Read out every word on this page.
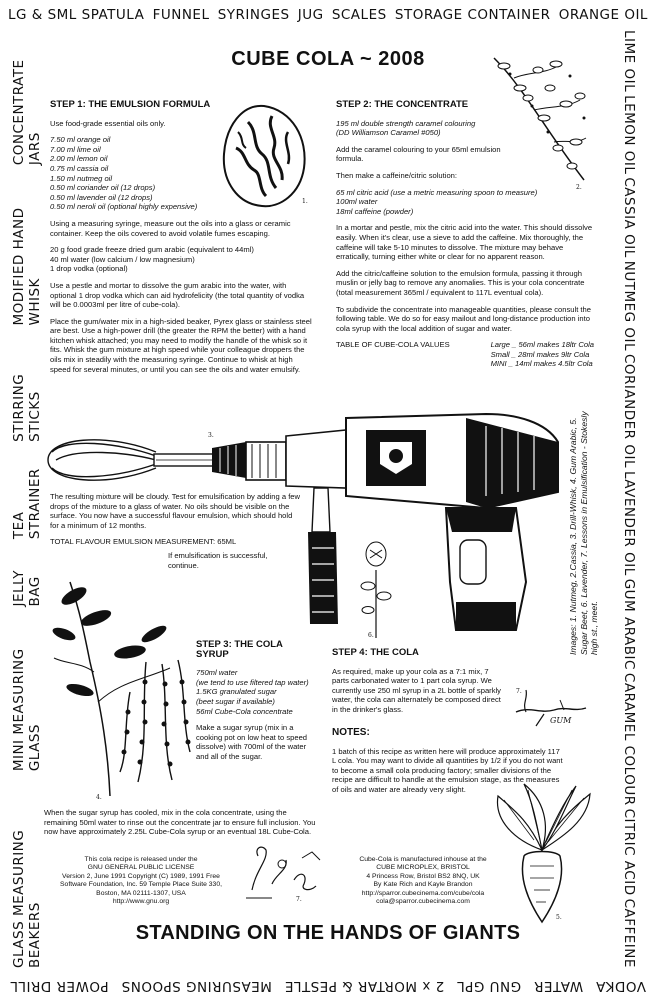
LG & SML SPATULA FUNNEL SYRINGES JUG SCALES STORAGE CONTAINER ORANGE OIL
LIME OIL
LEMON OIL
CASSIA OIL
NUTMEG OIL
CORIANDER OIL
LAVENDER OIL
GUM ARABIC
CARAMEL COLOUR
CITRIC ACID
CAFFEINE
VODKA
WATER
GNU GPL
2 x MORTAR & PESTLE
MEASURING SPOONS
POWER DRILL
GLASS MEASURING BEAKERS
MINI MEASURING GLASS
JELLY BAG
TEA STRAINER
STIRRING STICKS
MODIFIED HAND WHISK
CONCENTRATE JARS
CUBE COLA ~ 2008
STEP 1: THE EMULSION FORMULA

Use food-grade essential oils only.

7.50 ml orange oil
7.00 ml lime oil
2.00 ml lemon oil
0.75 ml cassia oil
1.50 ml nutmeg oil
0.50 ml coriander oil (12 drops)
0.50 ml lavender oil (12 drops)
0.50 ml neroli oil (optional highly expensive)

Using a measuring syringe, measure out the oils into a glass or ceramic container. Keep the oils covered to avoid volatile fumes escaping.

20 g food grade freeze dried gum arabic (equivalent to 44ml)
40 ml water (low calcium / low magnesium)
1 drop vodka (optional)

Use a pestle and mortar to dissolve the gum arabic into the water, with optional 1 drop vodka which can aid hydrofelicity (the total quantity of vodka will be 0.0003ml per litre of cube-cola).

Place the gum/water mix in a high-sided beaker, Pyrex glass or stainless steel are best. Use a high-power drill (the greater the RPM the better) with a hand kitchen whisk attached; you may need to modify the handle of the whisk so it fits. Whisk the gum mixture at high speed while your colleague droppers the oils mix in steadily with the measuring syringe. Continue to whisk at high speed for several minutes, or until you can see the oils and water emulsify.

1.
STEP 2: THE CONCENTRATE
195 ml double strength caramel colouring
(DD Williamson Caramel #050)

Add the caramel colouring to your 65ml emulsion formula.

Then make a caffeine/citric solution:

65 ml citric acid (use a metric measuring spoon to measure)
100ml water
18ml caffeine (powder)

In a mortar and pestle, mix the citric acid into the water. This should dissolve easily. When it's clear, use a sieve to add the caffeine. Mix thoroughly, the caffeine will take 5-10 minutes to dissolve. The mixture may behave erratically, turning either white or clear for no apparent reason.

Add the citric/caffeine solution to the emulsion formula, passing it through muslin or jelly bag to remove any anomalies. This is your cola concentrate (total measurement 365ml / equivalent to 117L eventual cola).

To subdivide the concentrate into manageable quantities, please consult the following table. We do so for easy mailout and long-distance production into cola syrup with the local addition of sugar and water.

TABLE OF CUBE-COLA VALUES	Large _ 56ml makes 18ltr Cola
Small _ 28ml makes 9ltr Cola
MINI _ 14ml makes 4.5ltr Cola
2.
3.	Images: 1. Nutmeg, 2.Cassia, 3. Drill-Whisk, 4. Gum Arabic, 5. Sugar Beet, 6. Lavender, 7. Lessons in Emulsification - Stokesly high st., meet.

The resulting mixture will be cloudy. Test for emulsification by adding a few drops of the mixture to a glass of water. No oils should be visible on the surface. You now have a successful flavour emulsion, which should hold for a minimum of 12 months.

TOTAL FLAVOUR EMULSION MEASUREMENT: 65ML

If emulsification is successful, continue.

6.
4.
STEP 3: THE COLA SYRUP
750ml water
(we tend to use filtered tap water)
1.5KG granulated sugar
(beet sugar if available)
56ml Cube-Cola concentrate

Make a sugar syrup (mix in a cooking pot on low heat to speed dissolve) with 700ml of the water and all of the sugar.

When the sugar syrup has cooled, mix in the cola concentrate, using the remaining 50ml water to rinse out the concentrate jar to ensure full inclusion. You now have approximately 2.25L Cube-Cola syrup or an eventual 18L Cube-Cola.

STEP 4: THE COLA

As required, make up your cola as a 7:1 mix, 7 parts carbonated water to 1 part cola syrup. We currently use 250 ml syrup in a 2L bottle of sparkly water, the cola can alternately be composed direct in the drinker's glass.

7.
GUM
NOTES:

1 batch of this recipe as written here will produce approximately 117 L cola. You may want to divide all quantities by 1/2 if you do not want to become a small cola producing factory; smaller divisions of the recipe are difficult to handle at the emulsion stage, as the measures of oils and water are already very slight.

5.
This cola recipe is released under the
GNU GENERAL PUBLIC LICENSE
Version 2, June 1991 Copyright (C) 1989, 1991 Free
Software Foundation, Inc. 59 Temple Place Suite 330,
Boston, MA 02111-1307, USA
http://www.gnu.org	7.
Cube-Cola is manufactured inhouse at the
CUBE MICROPLEX, BRISTOL
4 Princess Row, Bristol BS2 8NQ, UK
By Kate Rich and Kayle Brandon
http://sparror.cubecinema.com/cube/cola
cola@sparror.cubecinema.com
STANDING ON THE HANDS OF GIANTS
